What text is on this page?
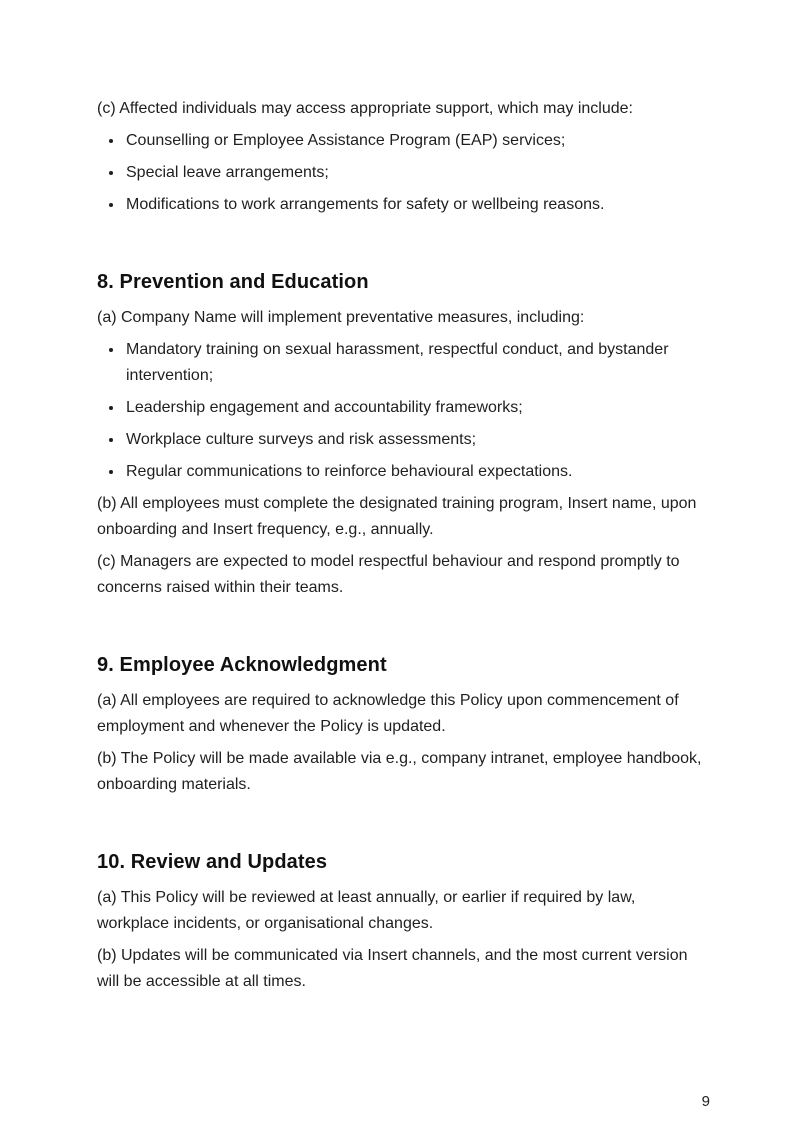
(c) Affected individuals may access appropriate support, which may include:

• Counselling or Employee Assistance Program (EAP) services;
• Special leave arrangements;
• Modifications to work arrangements for safety or wellbeing reasons.
8. Prevention and Education

(a) Company Name will implement preventative measures, including:

• Mandatory training on sexual harassment, respectful conduct, and bystander intervention;
• Leadership engagement and accountability frameworks;
• Workplace culture surveys and risk assessments;
• Regular communications to reinforce behavioural expectations.

(b) All employees must complete the designated training program, Insert name, upon onboarding and Insert frequency, e.g., annually.

(c) Managers are expected to model respectful behaviour and respond promptly to concerns raised within their teams.

9. Employee Acknowledgment

(a) All employees are required to acknowledge this Policy upon commencement of employment and whenever the Policy is updated.

(b) The Policy will be made available via e.g., company intranet, employee handbook, onboarding materials.

10. Review and Updates

(a) This Policy will be reviewed at least annually, or earlier if required by law, workplace incidents, or organisational changes.

(b) Updates will be communicated via Insert channels, and the most current version will be accessible at all times.

9
